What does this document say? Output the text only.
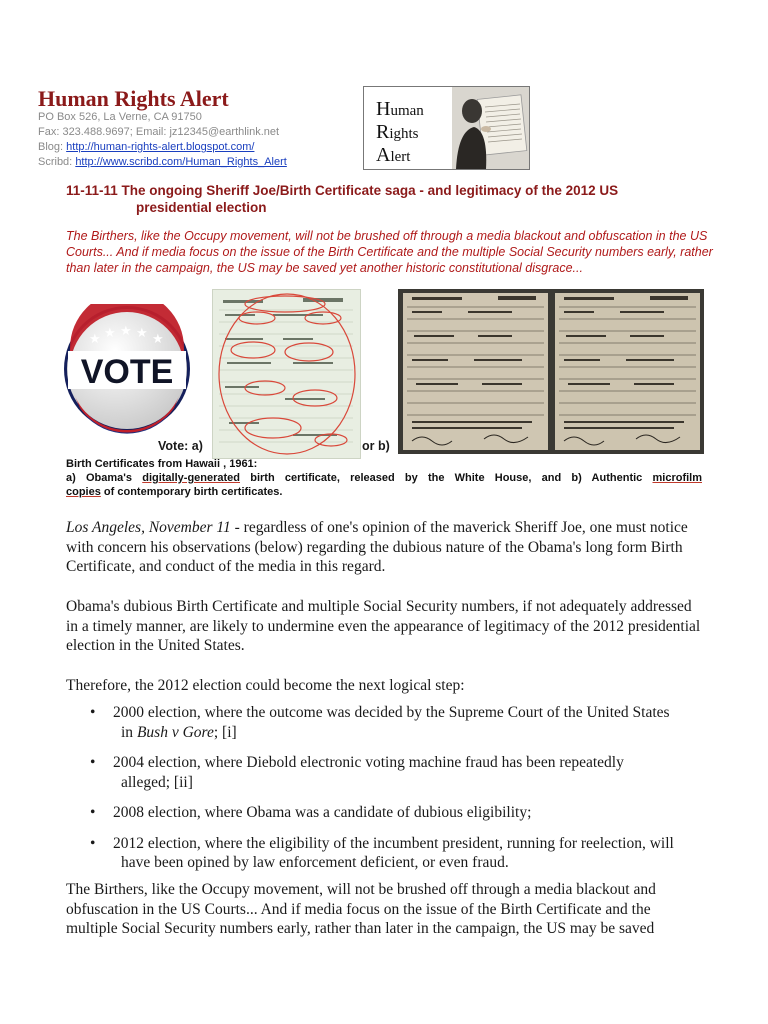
Human Rights Alert
PO Box 526, La Verne, CA 91750
Fax: 323.488.9697; Email: jz12345@earthlink.net
Blog: http://human-rights-alert.blogspot.com/
Scribd: http://www.scribd.com/Human_Rights_Alert
Human
Rights
Alert
11-11-11 The ongoing Sheriff Joe/Birth Certificate saga - and legitimacy of the 2012 US
presidential election
The Birthers, like the Occupy movement, will not be brushed off through a media blackout and obfuscation in the US Courts... And if media focus on the issue of the Birth Certificate and the multiple Social Security numbers early, rather than later in the campaign, the US may be saved yet another historic constitutional disgrace...
★ ★ ★ ★ ★
VOTE
Vote: a)	or b)
Birth Certificates from Hawaii , 1961:
a) Obama's digitally-generated birth certificate, released by the White House, and b) Authentic microfilm
copies of contemporary birth certificates.

Los Angeles, November 11 - regardless of one's opinion of the maverick Sheriff Joe, one must notice with concern his observations (below) regarding the dubious nature of the Obama's long form Birth Certificate, and conduct of the media in this regard.

Obama's dubious Birth Certificate and multiple Social Security numbers, if not adequately addressed in a timely manner, are likely to undermine even the appearance of legitimacy of the 2012 presidential election in the United States.

Therefore, the 2012 election could become the next logical step:

• 2000 election, where the outcome was decided by the Supreme Court of the United States
in Bush v Gore; [i]
• 2004 election, where Diebold electronic voting machine fraud has been repeatedly
alleged; [ii]
• 2008 election, where Obama was a candidate of dubious eligibility;
• 2012 election, where the eligibility of the incumbent president, running for reelection, will
have been opined by law enforcement deficient, or even fraud.

The Birthers, like the Occupy movement, will not be brushed off through a media blackout and obfuscation in the US Courts... And if media focus on the issue of the Birth Certificate and the multiple Social Security numbers early, rather than later in the campaign, the US may be saved
